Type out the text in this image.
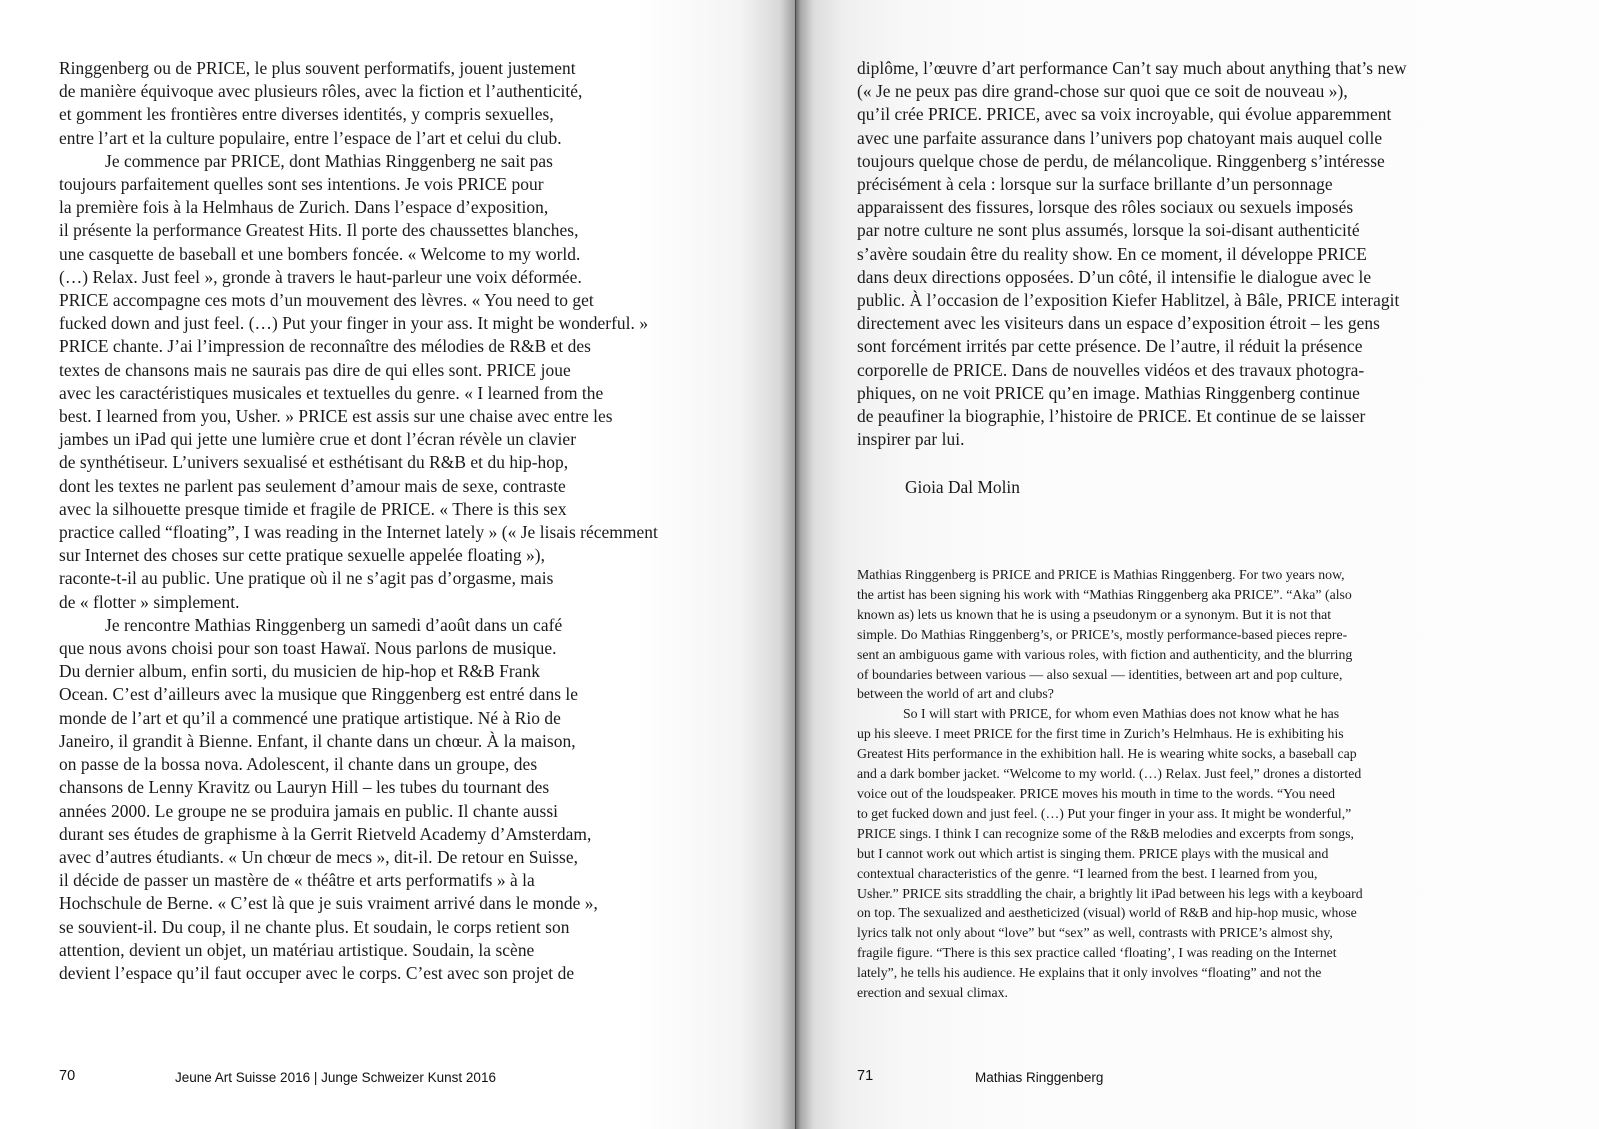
Ringgenberg ou de PRICE, le plus souvent performatifs, jouent justement
de manière équivoque avec plusieurs rôles, avec la fiction et l’authenticité,
et gomment les frontières entre diverses identités, y compris sexuelles,
entre l’art et la culture populaire, entre l’espace de l’art et celui du club.
Je commence par PRICE, dont Mathias Ringgenberg ne sait pas
toujours parfaitement quelles sont ses intentions. Je vois PRICE pour
la première fois à la Helmhaus de Zurich. Dans l’espace d’exposition,
il présente la performance Greatest Hits. Il porte des chaussettes blanches,
une casquette de baseball et une bombers foncée. « Welcome to my world.
(…) Relax. Just feel », gronde à travers le haut-parleur une voix déformée.
PRICE accompagne ces mots d’un mouvement des lèvres. « You need to get
fucked down and just feel. (…) Put your finger in your ass. It might be wonderful. »
PRICE chante. J’ai l’impression de reconnaître des mélodies de R&B et des
textes de chansons mais ne saurais pas dire de qui elles sont. PRICE joue
avec les caractéristiques musicales et textuelles du genre. « I learned from the
best. I learned from you, Usher. » PRICE est assis sur une chaise avec entre les
jambes un iPad qui jette une lumière crue et dont l’écran révèle un clavier
de synthétiseur. L’univers sexualisé et esthétisant du R&B et du hip-hop,
dont les textes ne parlent pas seulement d’amour mais de sexe, contraste
avec la silhouette presque timide et fragile de PRICE. « There is this sex
practice called “floating”, I was reading in the Internet lately » (« Je lisais récemment
sur Internet des choses sur cette pratique sexuelle appelée floating »),
raconte-t-il au public. Une pratique où il ne s’agit pas d’orgasme, mais
de « flotter » simplement.
Je rencontre Mathias Ringgenberg un samedi d’août dans un café
que nous avons choisi pour son toast Hawaï. Nous parlons de musique.
Du dernier album, enfin sorti, du musicien de hip-hop et R&B Frank
Ocean. C’est d’ailleurs avec la musique que Ringgenberg est entré dans le
monde de l’art et qu’il a commencé une pratique artistique. Né à Rio de
Janeiro, il grandit à Bienne. Enfant, il chante dans un chœur. À la maison,
on passe de la bossa nova. Adolescent, il chante dans un groupe, des
chansons de Lenny Kravitz ou Lauryn Hill – les tubes du tournant des
années 2000. Le groupe ne se produira jamais en public. Il chante aussi
durant ses études de graphisme à la Gerrit Rietveld Academy d’Amsterdam,
avec d’autres étudiants. « Un chœur de mecs », dit-il. De retour en Suisse,
il décide de passer un mastère de « théâtre et arts performatifs » à la
Hochschule de Berne. « C’est là que je suis vraiment arrivé dans le monde »,
se souvient-il. Du coup, il ne chante plus. Et soudain, le corps retient son
attention, devient un objet, un matériau artistique. Soudain, la scène
devient l’espace qu’il faut occuper avec le corps. C’est avec son projet de
70	Jeune Art Suisse 2016 | Junge Schweizer Kunst 2016
diplôme, l’œuvre d’art performance Can’t say much about anything that’s new
(« Je ne peux pas dire grand-chose sur quoi que ce soit de nouveau »),
qu’il crée PRICE. PRICE, avec sa voix incroyable, qui évolue apparemment
avec une parfaite assurance dans l’univers pop chatoyant mais auquel colle
toujours quelque chose de perdu, de mélancolique. Ringgenberg s’intéresse
précisément à cela : lorsque sur la surface brillante d’un personnage
apparaissent des fissures, lorsque des rôles sociaux ou sexuels imposés
par notre culture ne sont plus assumés, lorsque la soi-disant authenticité
s’avère soudain être du reality show. En ce moment, il développe PRICE
dans deux directions opposées. D’un côté, il intensifie le dialogue avec le
public. À l’occasion de l’exposition Kiefer Hablitzel, à Bâle, PRICE interagit
directement avec les visiteurs dans un espace d’exposition étroit – les gens
sont forcément irrités par cette présence. De l’autre, il réduit la présence
corporelle de PRICE. Dans de nouvelles vidéos et des travaux photogra-
phiques, on ne voit PRICE qu’en image. Mathias Ringgenberg continue
de peaufiner la biographie, l’histoire de PRICE. Et continue de se laisser
inspirer par lui.
Gioia Dal Molin
Mathias Ringgenberg is PRICE and PRICE is Mathias Ringgenberg. For two years now,
the artist has been signing his work with “Mathias Ringgenberg aka PRICE”. “Aka” (also
known as) lets us known that he is using a pseudonym or a synonym. But it is not that
simple. Do Mathias Ringgenberg’s, or PRICE’s, mostly performance-based pieces repre-
sent an ambiguous game with various roles, with fiction and authenticity, and the blurring
of boundaries between various — also sexual — identities, between art and pop culture,
between the world of art and clubs?
So I will start with PRICE, for whom even Mathias does not know what he has
up his sleeve. I meet PRICE for the first time in Zurich’s Helmhaus. He is exhibiting his
Greatest Hits performance in the exhibition hall. He is wearing white socks, a baseball cap
and a dark bomber jacket. “Welcome to my world. (…) Relax. Just feel,” drones a distorted
voice out of the loudspeaker. PRICE moves his mouth in time to the words. “You need
to get fucked down and just feel. (…) Put your finger in your ass. It might be wonderful,”
PRICE sings. I think I can recognize some of the R&B melodies and excerpts from songs,
but I cannot work out which artist is singing them. PRICE plays with the musical and
contextual characteristics of the genre. “I learned from the best. I learned from you,
Usher.” PRICE sits straddling the chair, a brightly lit iPad between his legs with a keyboard
on top. The sexualized and aestheticized (visual) world of R&B and hip-hop music, whose
lyrics talk not only about “love” but “sex” as well, contrasts with PRICE’s almost shy,
fragile figure. “There is this sex practice called ‘floating’, I was reading on the Internet
lately”, he tells his audience. He explains that it only involves “floating” and not the
erection and sexual climax.
71	Mathias Ringgenberg
